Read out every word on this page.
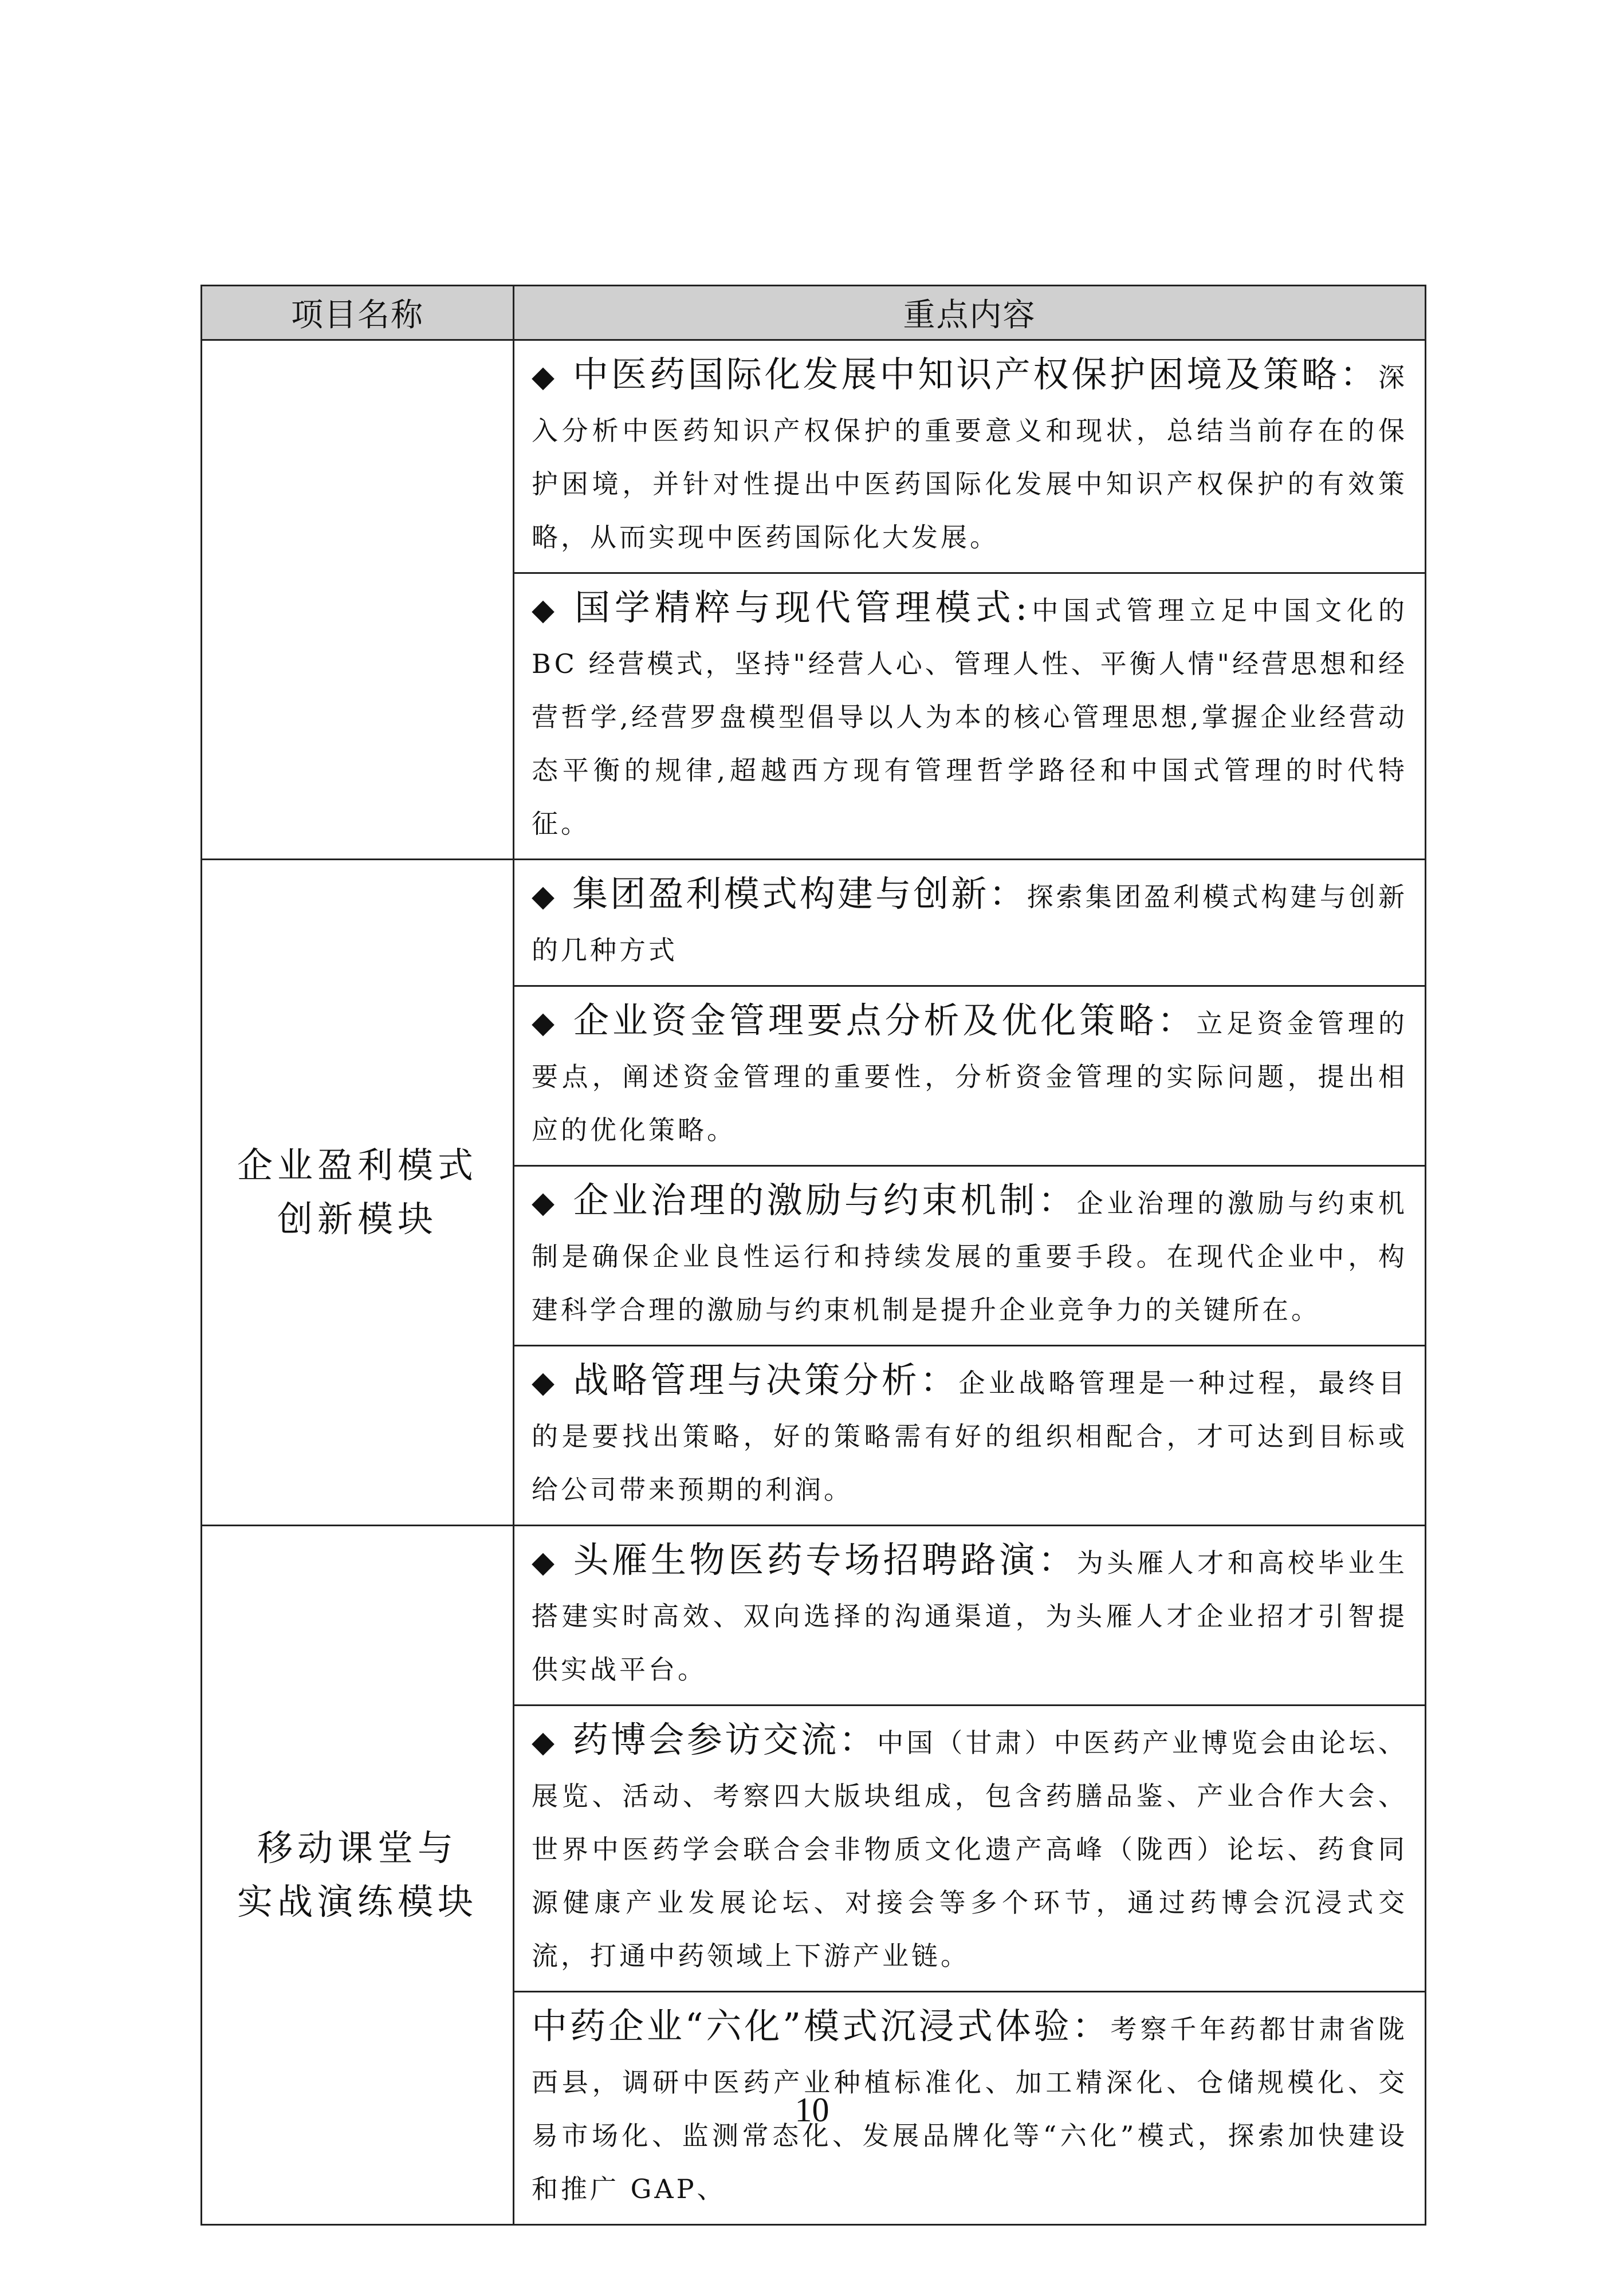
项目名称	重点内容

	◆ 中医药国际化发展中知识产权保护困境及策略：深入分析中医药知识产权保护的重要意义和现状，总结当前存在的保护困境，并针对性提出中医药国际化发展中知识产权保护的有效策略，从而实现中医药国际化大发展。

	◆ 国学精粹与现代管理模式:中国式管理立足中国文化的 BC 经营模式，坚持"经营人心、管理人性、平衡人情"经营思想和经营哲学,经营罗盘模型倡导以人为本的核心管理思想,掌握企业经营动态平衡的规律,超越西方现有管理哲学路径和中国式管理的时代特征。

企业盈利模式
创新模块	◆ 集团盈利模式构建与创新：探索集团盈利模式构建与创新的几种方式

	◆ 企业资金管理要点分析及优化策略：立足资金管理的要点，阐述资金管理的重要性，分析资金管理的实际问题，提出相应的优化策略。

	◆ 企业治理的激励与约束机制：企业治理的激励与约束机制是确保企业良性运行和持续发展的重要手段。在现代企业中，构建科学合理的激励与约束机制是提升企业竞争力的关键所在。

	◆ 战略管理与决策分析：企业战略管理是一种过程，最终目的是要找出策略，好的策略需有好的组织相配合，才可达到目标或给公司带来预期的利润。

移动课堂与
实战演练模块	◆ 头雁生物医药专场招聘路演：为头雁人才和高校毕业生搭建实时高效、双向选择的沟通渠道，为头雁人才企业招才引智提供实战平台。

	◆ 药博会参访交流：中国（甘肃）中医药产业博览会由论坛、展览、活动、考察四大版块组成，包含药膳品鉴、产业合作大会、世界中医药学会联合会非物质文化遗产高峰（陇西）论坛、药食同源健康产业发展论坛、对接会等多个环节，通过药博会沉浸式交流，打通中药领域上下游产业链。

	中药企业“六化”模式沉浸式体验：考察千年药都甘肃省陇西县，调研中医药产业种植标准化、加工精深化、仓储规模化、交易市场化、监测常态化、发展品牌化等“六化”模式，探索加快建设和推广 GAP、
10
